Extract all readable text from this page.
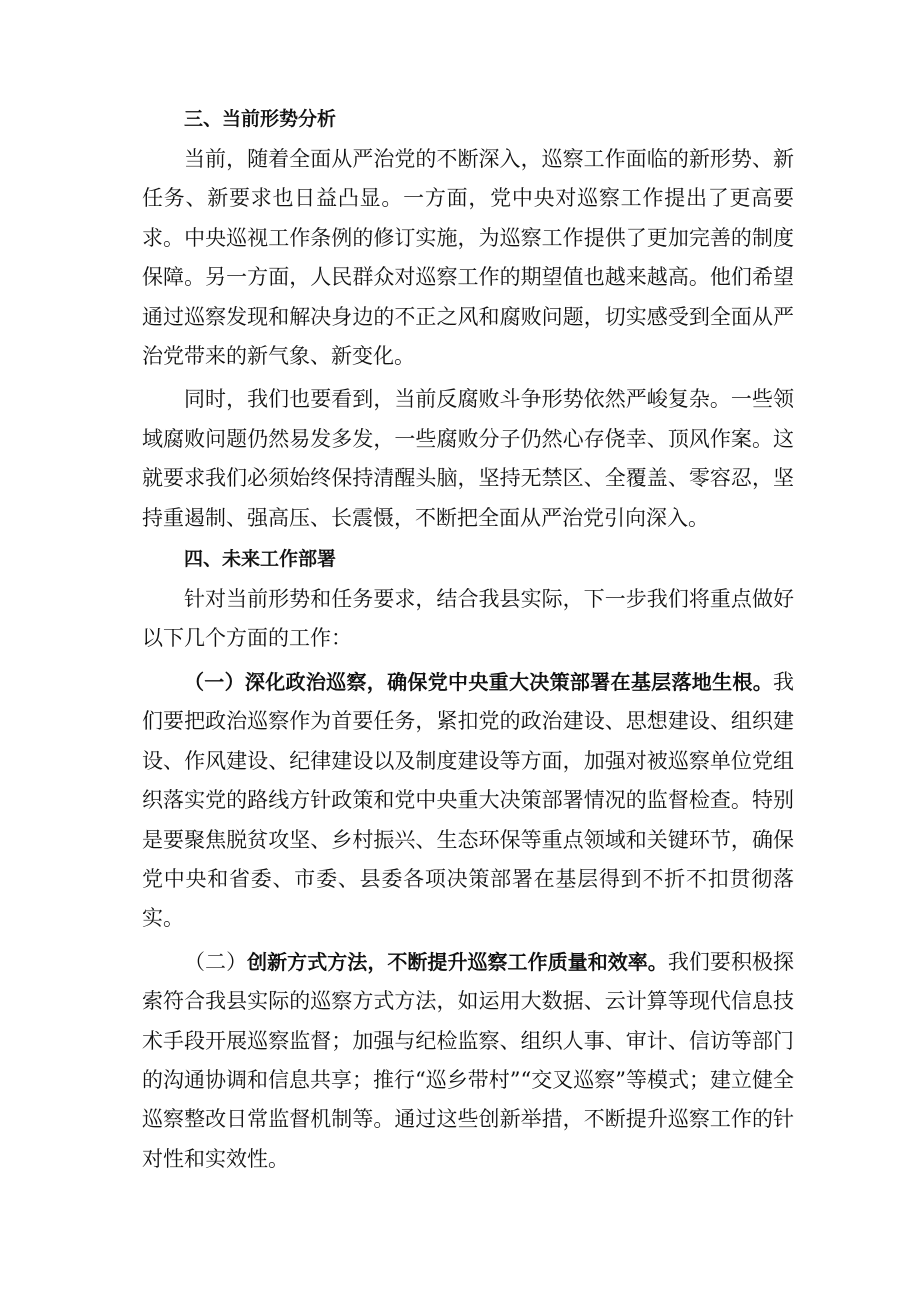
三、当前形势分析

当前，随着全面从严治党的不断深入，巡察工作面临的新形势、新任务、新要求也日益凸显。一方面，党中央对巡察工作提出了更高要求。中央巡视工作条例的修订实施，为巡察工作提供了更加完善的制度保障。另一方面，人民群众对巡察工作的期望值也越来越高。他们希望通过巡察发现和解决身边的不正之风和腐败问题，切实感受到全面从严治党带来的新气象、新变化。

同时，我们也要看到，当前反腐败斗争形势依然严峻复杂。一些领域腐败问题仍然易发多发，一些腐败分子仍然心存侥幸、顶风作案。这就要求我们必须始终保持清醒头脑，坚持无禁区、全覆盖、零容忍，坚持重遏制、强高压、长震慑，不断把全面从严治党引向深入。

四、未来工作部署

针对当前形势和任务要求，结合我县实际，下一步我们将重点做好以下几个方面的工作：

（一）深化政治巡察，确保党中央重大决策部署在基层落地生根。我们要把政治巡察作为首要任务，紧扣党的政治建设、思想建设、组织建设、作风建设、纪律建设以及制度建设等方面，加强对被巡察单位党组织落实党的路线方针政策和党中央重大决策部署情况的监督检查。特别是要聚焦脱贫攻坚、乡村振兴、生态环保等重点领域和关键环节，确保党中央和省委、市委、县委各项决策部署在基层得到不折不扣贯彻落实。

（二）创新方式方法，不断提升巡察工作质量和效率。我们要积极探索符合我县实际的巡察方式方法，如运用大数据、云计算等现代信息技术手段开展巡察监督；加强与纪检监察、组织人事、审计、信访等部门的沟通协调和信息共享；推行“巡乡带村”“交叉巡察”等模式；建立健全巡察整改日常监督机制等。通过这些创新举措，不断提升巡察工作的针对性和实效性。
